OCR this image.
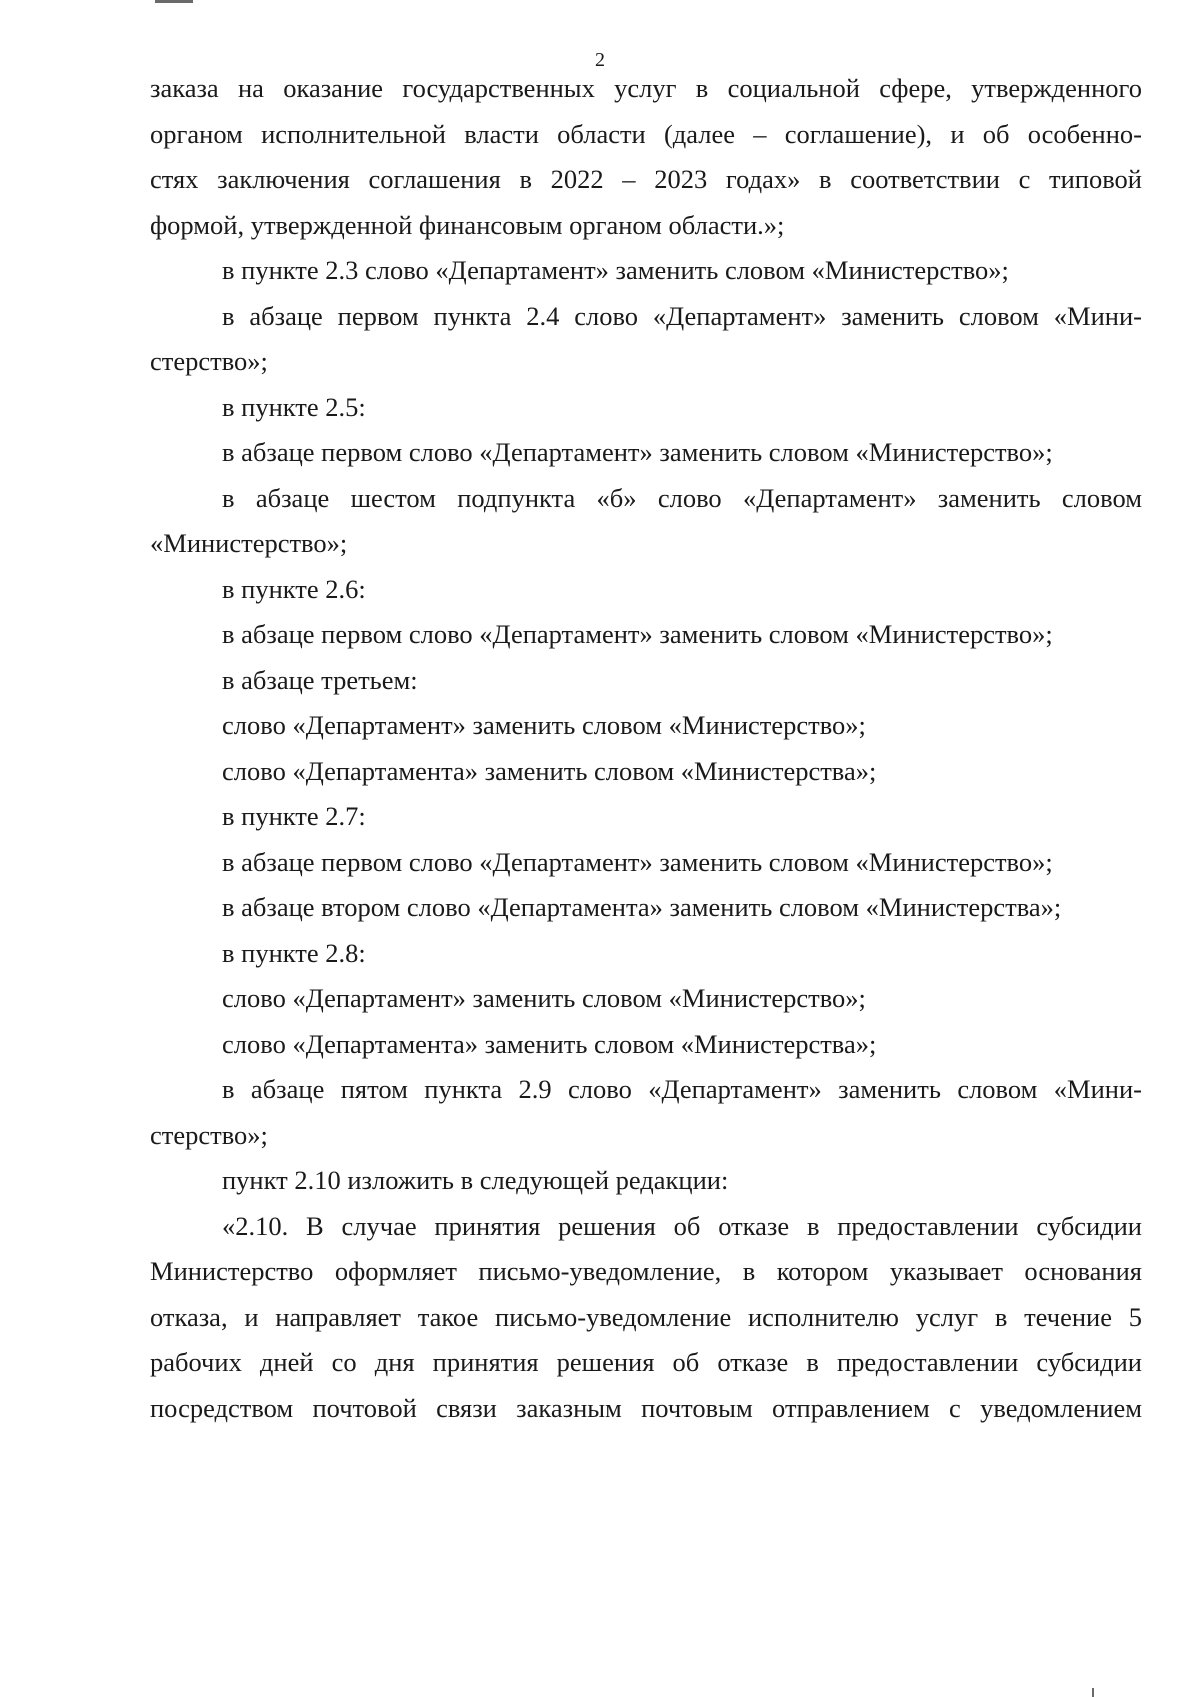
2

заказа на оказание государственных услуг в социальной сфере, утвержденного

органом исполнительной власти области (далее – соглашение), и об особенно-

стях заключения соглашения в 2022 – 2023 годах» в соответствии с типовой

формой, утвержденной финансовым органом области.»;

в пункте 2.3 слово «Департамент» заменить словом «Министерство»;

в абзаце первом пункта 2.4 слово «Департамент» заменить словом «Мини-

стерство»;

в пункте 2.5:

в абзаце первом слово «Департамент» заменить словом «Министерство»;

в абзаце шестом подпункта «б» слово «Департамент» заменить словом

«Министерство»;

в пункте 2.6:

в абзаце первом слово «Департамент» заменить словом «Министерство»;

в абзаце третьем:

слово «Департамент» заменить словом «Министерство»;

слово «Департамента» заменить словом «Министерства»;

в пункте 2.7:

в абзаце первом слово «Департамент» заменить словом «Министерство»;

в абзаце втором слово «Департамента» заменить словом «Министерства»;

в пункте 2.8:

слово «Департамент» заменить словом «Министерство»;

слово «Департамента» заменить словом «Министерства»;

в абзаце пятом пункта 2.9 слово «Департамент» заменить словом «Мини-

стерство»;

пункт 2.10 изложить в следующей редакции:

«2.10. В случае принятия решения об отказе в предоставлении субсидии

Министерство оформляет письмо-уведомление, в котором указывает основания

отказа, и направляет такое письмо-уведомление исполнителю услуг в течение 5

рабочих дней со дня принятия решения об отказе в предоставлении субсидии

посредством почтовой связи заказным почтовым отправлением с уведомлением
